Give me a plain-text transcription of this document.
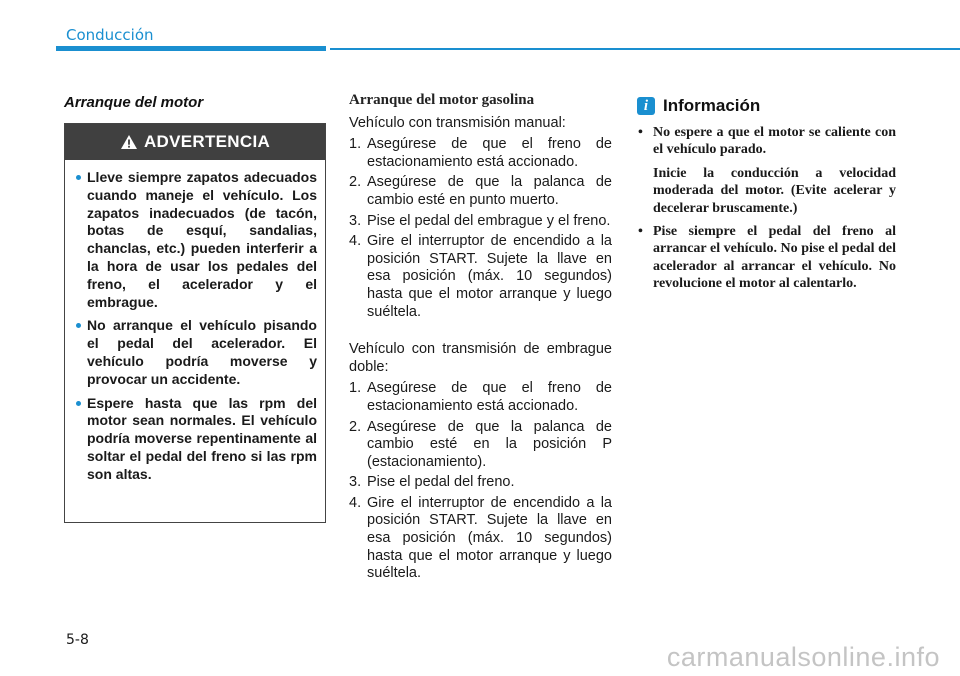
Conducción
Arranque del motor
ADVERTENCIA
Lleve siempre zapatos adecuados cuando maneje el vehículo. Los zapatos inadecuados (de tacón, botas de esquí, sandalias, chanclas, etc.) pueden interferir a la hora de usar los pedales del freno, el acelerador y el embrague.
No arranque el vehículo pisando el pedal del acelerador. El vehículo podría moverse y provocar un accidente.
Espere hasta que las rpm del motor sean normales. El vehículo podría moverse repentinamente al soltar el pedal del freno si las rpm son altas.
Arranque del motor gasolina

Vehículo con transmisión manual:

1. Asegúrese de que el freno de estacionamiento está accionado.
2. Asegúrese de que la palanca de cambio esté en punto muerto.
3. Pise el pedal del embrague y el freno.
4. Gire el interruptor de encendido a la posición START. Sujete la llave en esa posición (máx. 10 segundos) hasta que el motor arranque y luego suéltela.

Vehículo con transmisión de embrague doble:

1. Asegúrese de que el freno de estacionamiento está accionado.
2. Asegúrese de que la palanca de cambio esté en la posición P (estacionamiento).
3. Pise el pedal del freno.
4. Gire el interruptor de encendido a la posición START. Sujete la llave en esa posición (máx. 10 segundos) hasta que el motor arranque y luego suéltela.
i Información
• No espere a que el motor se caliente con el vehículo parado.
Inicie la conducción a velocidad moderada del motor. (Evite acelerar y decelerar bruscamente.)
• Pise siempre el pedal del freno al arrancar el vehículo. No pise el pedal del acelerador al arrancar el vehículo. No revolucione el motor al calentarlo.
5-8
carmanualsonline.info
